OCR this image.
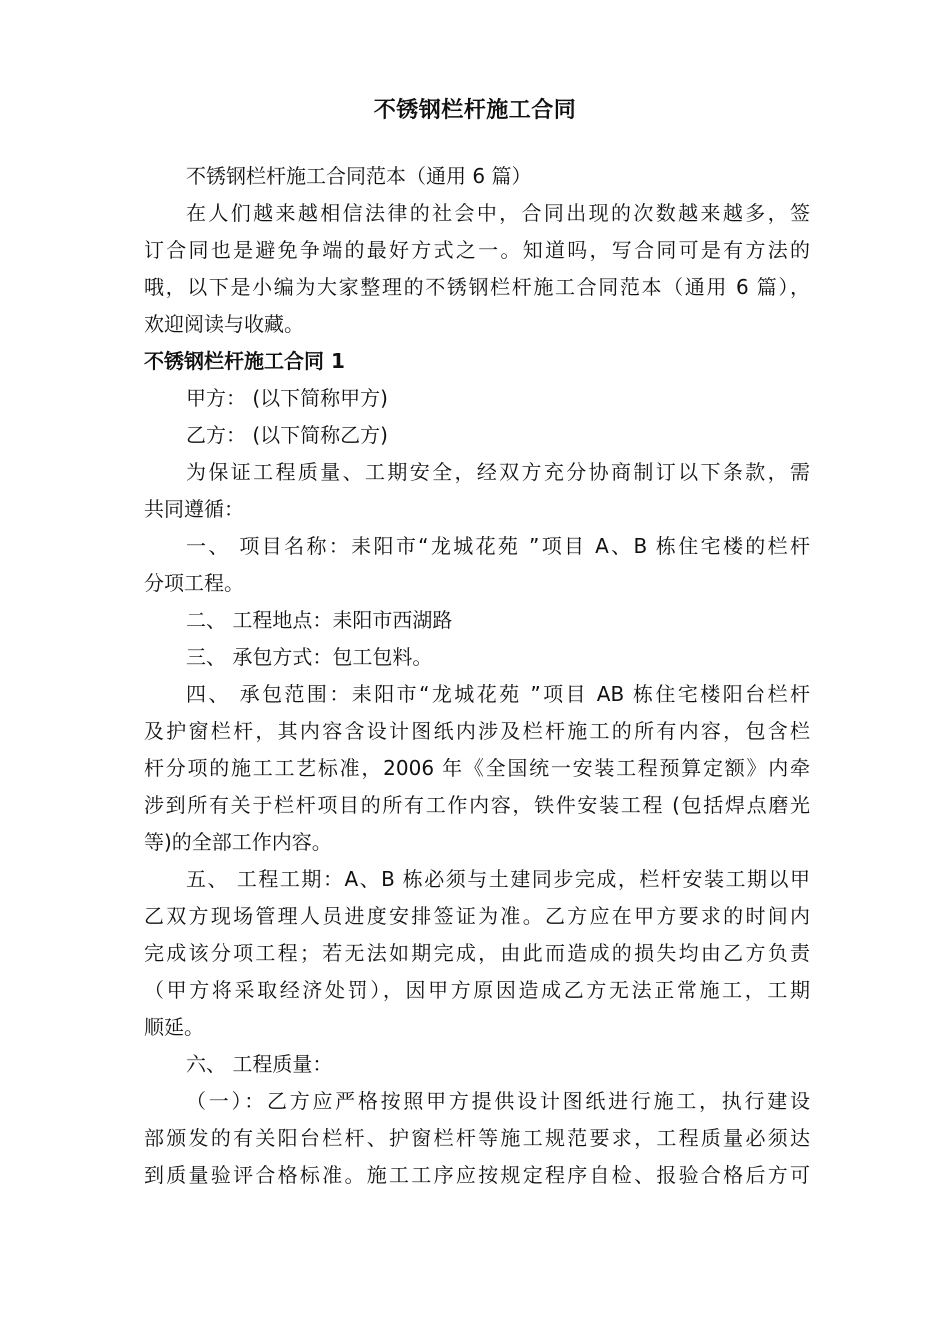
不锈钢栏杆施工合同

不锈钢栏杆施工合同范本（通用 6 篇）

在人们越来越相信法律的社会中，合同出现的次数越来越多，签

订合同也是避免争端的最好方式之一。知道吗，写合同可是有方法的

哦，以下是小编为大家整理的不锈钢栏杆施工合同范本（通用 6 篇），

欢迎阅读与收藏。

不锈钢栏杆施工合同 1

甲方： (以下简称甲方)

乙方： (以下简称乙方)

为保证工程质量、工期安全，经双方充分协商制订以下条款，需

共同遵循：

一、 项目名称：耒阳市“龙城花苑 ”项目 A、B 栋住宅楼的栏杆

分项工程。

二、 工程地点：耒阳市西湖路

三、 承包方式：包工包料。

四、 承包范围：耒阳市“龙城花苑 ”项目 AB 栋住宅楼阳台栏杆

及护窗栏杆，其内容含设计图纸内涉及栏杆施工的所有内容，包含栏

杆分项的施工工艺标准，2006 年《全国统一安装工程预算定额》内牵

涉到所有关于栏杆项目的所有工作内容，铁件安装工程 (包括焊点磨光

等)的全部工作内容。

五、 工程工期：A、B 栋必须与土建同步完成，栏杆安装工期以甲

乙双方现场管理人员进度安排签证为准。乙方应在甲方要求的时间内

完成该分项工程；若无法如期完成，由此而造成的损失均由乙方负责

（甲方将采取经济处罚），因甲方原因造成乙方无法正常施工，工期

顺延。

六、 工程质量：

（一）：乙方应严格按照甲方提供设计图纸进行施工，执行建设

部颁发的有关阳台栏杆、护窗栏杆等施工规范要求，工程质量必须达

到质量验评合格标准。施工工序应按规定程序自检、报验合格后方可
